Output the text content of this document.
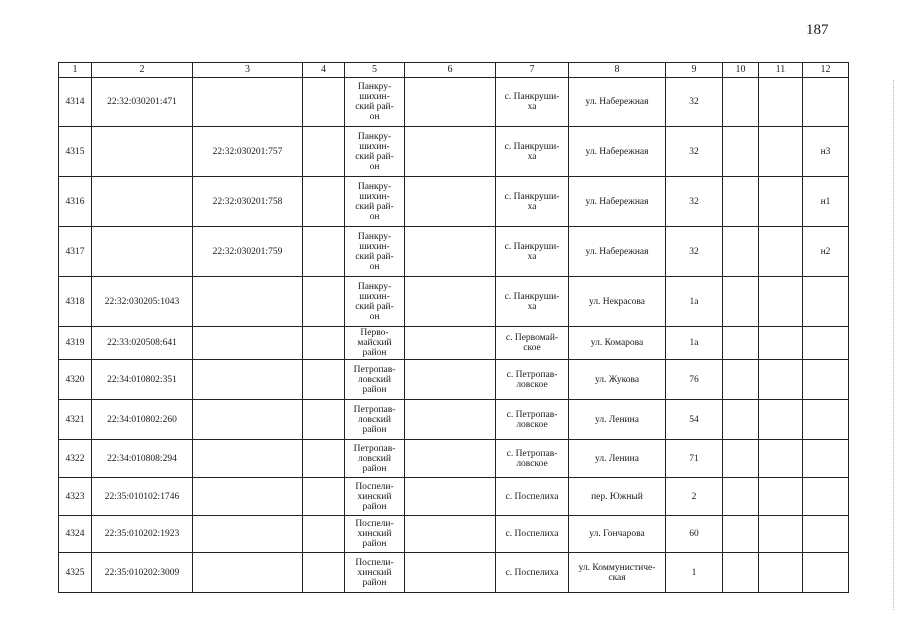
187
1	2	3	4	5	6	7	8	9	10	11	12
4314	22:32:030201:471			Панкру-
шихин-
ский рай-
он		с. Панкруши-
ха	ул. Набережная	32			
4315		22:32:030201:757		Панкру-
шихин-
ский рай-
он		с. Панкруши-
ха	ул. Набережная	32			н3
4316		22:32:030201:758		Панкру-
шихин-
ский рай-
он		с. Панкруши-
ха	ул. Набережная	32			н1
4317		22:32:030201:759		Панкру-
шихин-
ский рай-
он		с. Панкруши-
ха	ул. Набережная	32			н2
4318	22:32:030205:1043			Панкру-
шихин-
ский рай-
он		с. Панкруши-
ха	ул. Некрасова	1а			
4319	22:33:020508:641			Перво-
майский
район		с. Первомай-
ское	ул. Комарова	1а			
4320	22:34:010802:351			Петропав-
ловский
район		с. Петропав-
ловское	ул. Жукова	76			
4321	22:34:010802:260			Петропав-
ловский
район		с. Петропав-
ловское	ул. Ленина	54			
4322	22:34:010808:294			Петропав-
ловский
район		с. Петропав-
ловское	ул. Ленина	71			
4323	22:35:010102:1746			Поспели-
хинский
район		с. Поспелиха	пер. Южный	2			
4324	22:35:010202:1923			Поспели-
хинский
район		с. Поспелиха	ул. Гончарова	60			
4325	22:35:010202:3009			Поспели-
хинский
район		с. Поспелиха	ул. Коммунистиче-
ская	1			
